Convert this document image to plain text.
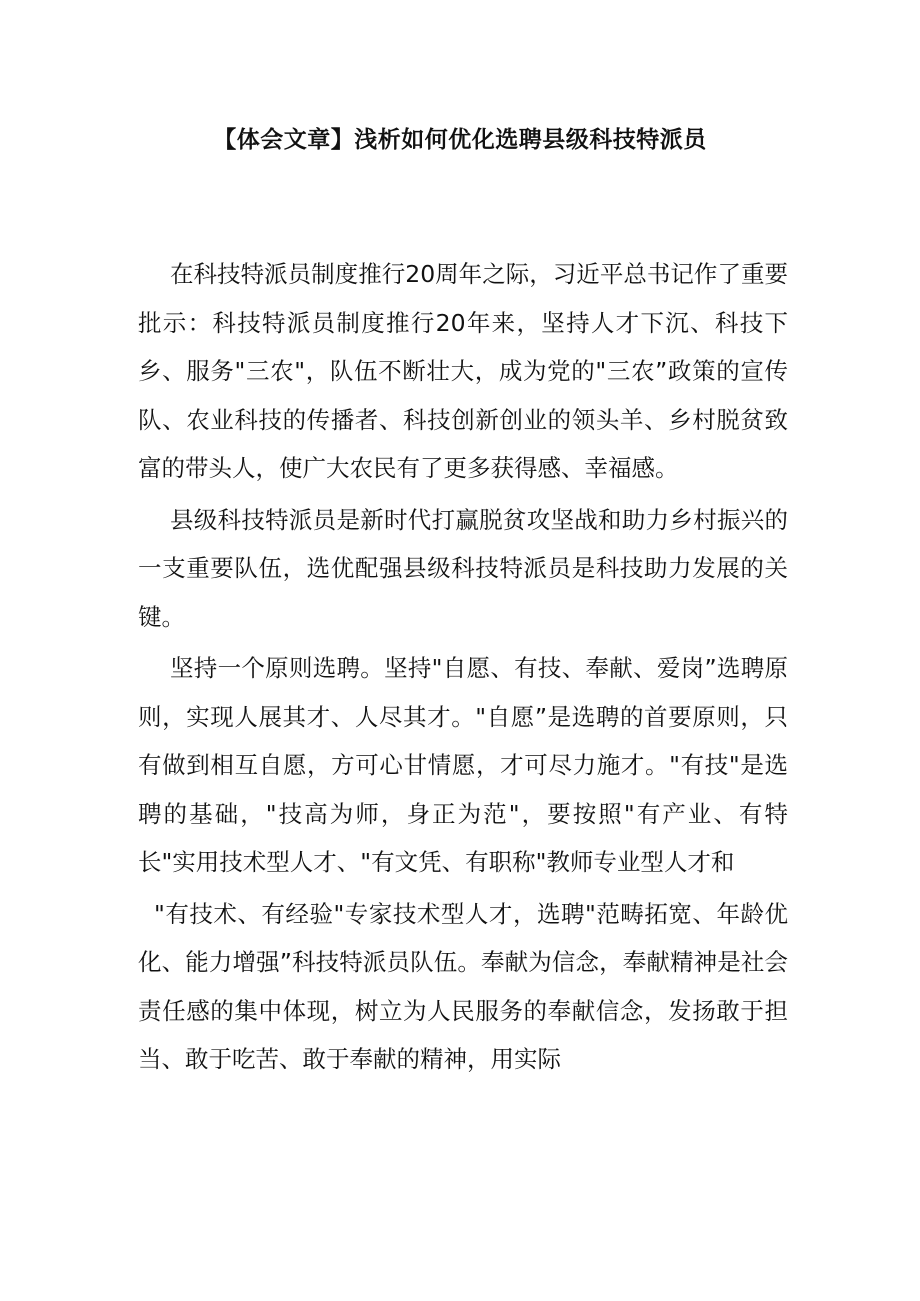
【体会文章】浅析如何优化选聘县级科技特派员

在科技特派员制度推行20周年之际，习近平总书记作了重要批示：科技特派员制度推行20年来，坚持人才下沉、科技下乡、服务"三农"，队伍不断壮大，成为党的"三农”政策的宣传队、农业科技的传播者、科技创新创业的领头羊、乡村脱贫致富的带头人，使广大农民有了更多获得感、幸福感。

县级科技特派员是新时代打赢脱贫攻坚战和助力乡村振兴的一支重要队伍，选优配强县级科技特派员是科技助力发展的关键。

坚持一个原则选聘。坚持"自愿、有技、奉献、爱岗”选聘原则，实现人展其才、人尽其才。"自愿”是选聘的首要原则，只有做到相互自愿，方可心甘情愿，才可尽力施才。"有技"是选聘的基础，"技高为师，身正为范"，要按照"有产业、有特长"实用技术型人才、"有文凭、有职称"教师专业型人才和

"有技术、有经验"专家技术型人才，选聘"范畴拓宽、年龄优化、能力增强”科技特派员队伍。奉献为信念，奉献精神是社会责任感的集中体现，树立为人民服务的奉献信念，发扬敢于担当、敢于吃苦、敢于奉献的精神，用实际
